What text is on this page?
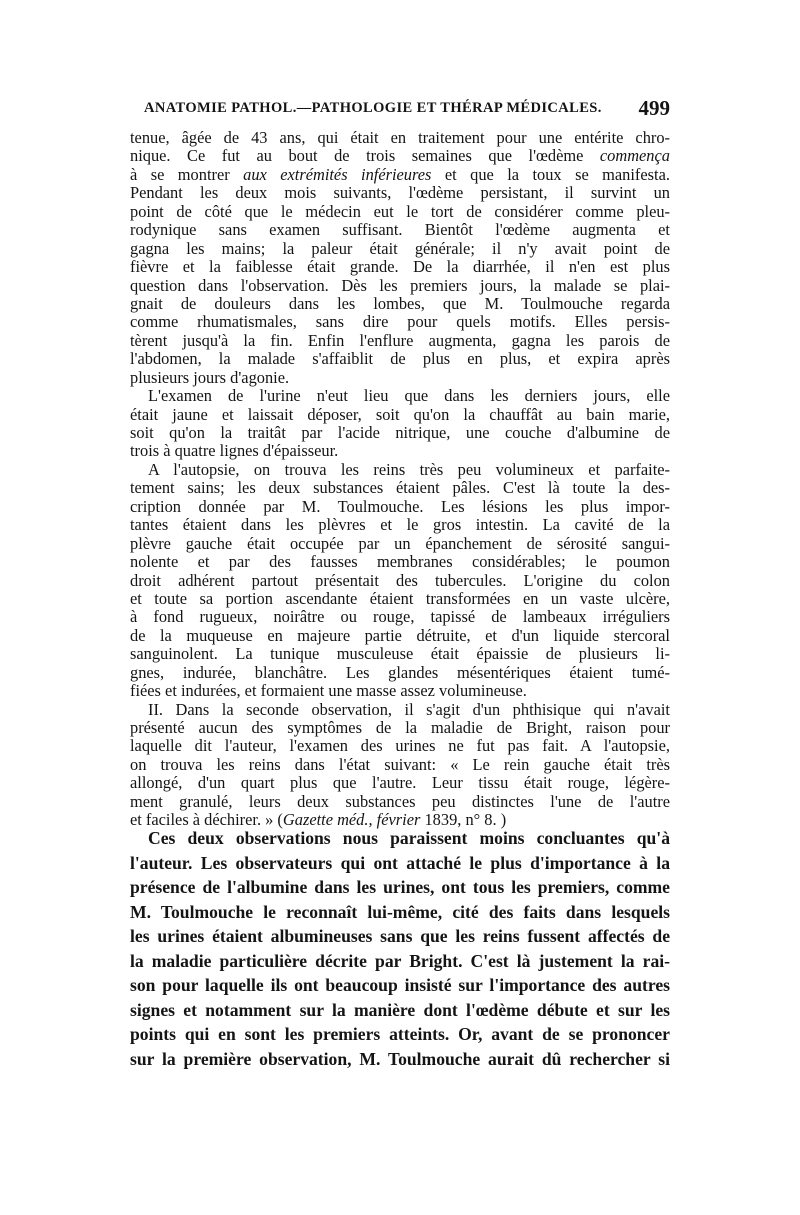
ANATOMIE PATHOL.—PATHOLOGIE ET THÉRAP MÉDICALES. 499
tenue, âgée de 43 ans, qui était en traitement pour une entérite chro-
nique. Ce fut au bout de trois semaines que l'œdème commença
à se montrer aux extrémités inférieures et que la toux se manifesta.
Pendant les deux mois suivants, l'œdème persistant, il survint un
point de côté que le médecin eut le tort de considérer comme pleu-
rodynique sans examen suffisant. Bientôt l'œdème augmenta et
gagna les mains; la paleur était générale; il n'y avait point de
fièvre et la faiblesse était grande. De la diarrhée, il n'en est plus
question dans l'observation. Dès les premiers jours, la malade se plai-
gnait de douleurs dans les lombes, que M. Toulmouche regarda
comme rhumatismales, sans dire pour quels motifs. Elles persis-
tèrent jusqu'à la fin. Enfin l'enflure augmenta, gagna les parois de
l'abdomen, la malade s'affaiblit de plus en plus, et expira après
plusieurs jours d'agonie.
L'examen de l'urine n'eut lieu que dans les derniers jours, elle
était jaune et laissait déposer, soit qu'on la chauffât au bain marie,
soit qu'on la traitât par l'acide nitrique, une couche d'albumine de
trois à quatre lignes d'épaisseur.
A l'autopsie, on trouva les reins très peu volumineux et parfaite-
tement sains; les deux substances étaient pâles. C'est là toute la des-
cription donnée par M. Toulmouche. Les lésions les plus impor-
tantes étaient dans les plèvres et le gros intestin. La cavité de la
plèvre gauche était occupée par un épanchement de sérosité sangui-
nolente et par des fausses membranes considérables; le poumon
droit adhérent partout présentait des tubercules. L'origine du colon
et toute sa portion ascendante étaient transformées en un vaste ulcère,
à fond rugueux, noirâtre ou rouge, tapissé de lambeaux irréguliers
de la muqueuse en majeure partie détruite, et d'un liquide stercoral
sanguinolent. La tunique musculeuse était épaissie de plusieurs li-
gnes, indurée, blanchâtre. Les glandes mésentériques étaient tumé-
fiées et indurées, et formaient une masse assez volumineuse.
II. Dans la seconde observation, il s'agit d'un phthisique qui n'avait
présenté aucun des symptômes de la maladie de Bright, raison pour
laquelle dit l'auteur, l'examen des urines ne fut pas fait. A l'autopsie,
on trouva les reins dans l'état suivant: « Le rein gauche était très
allongé, d'un quart plus que l'autre. Leur tissu était rouge, légère-
ment granulé, leurs deux substances peu distinctes l'une de l'autre
et faciles à déchirer. » (Gazette méd., février 1839, n° 8. )
Ces deux observations nous paraissent moins concluantes qu'à
l'auteur. Les observateurs qui ont attaché le plus d'importance à la
présence de l'albumine dans les urines, ont tous les premiers, comme
M. Toulmouche le reconnaît lui-même, cité des faits dans lesquels
les urines étaient albumineuses sans que les reins fussent affectés de
la maladie particulière décrite par Bright. C'est là justement la rai-
son pour laquelle ils ont beaucoup insisté sur l'importance des autres
signes et notamment sur la manière dont l'œdème débute et sur les
points qui en sont les premiers atteints. Or, avant de se prononcer
sur la première observation, M. Toulmouche aurait dû rechercher si
